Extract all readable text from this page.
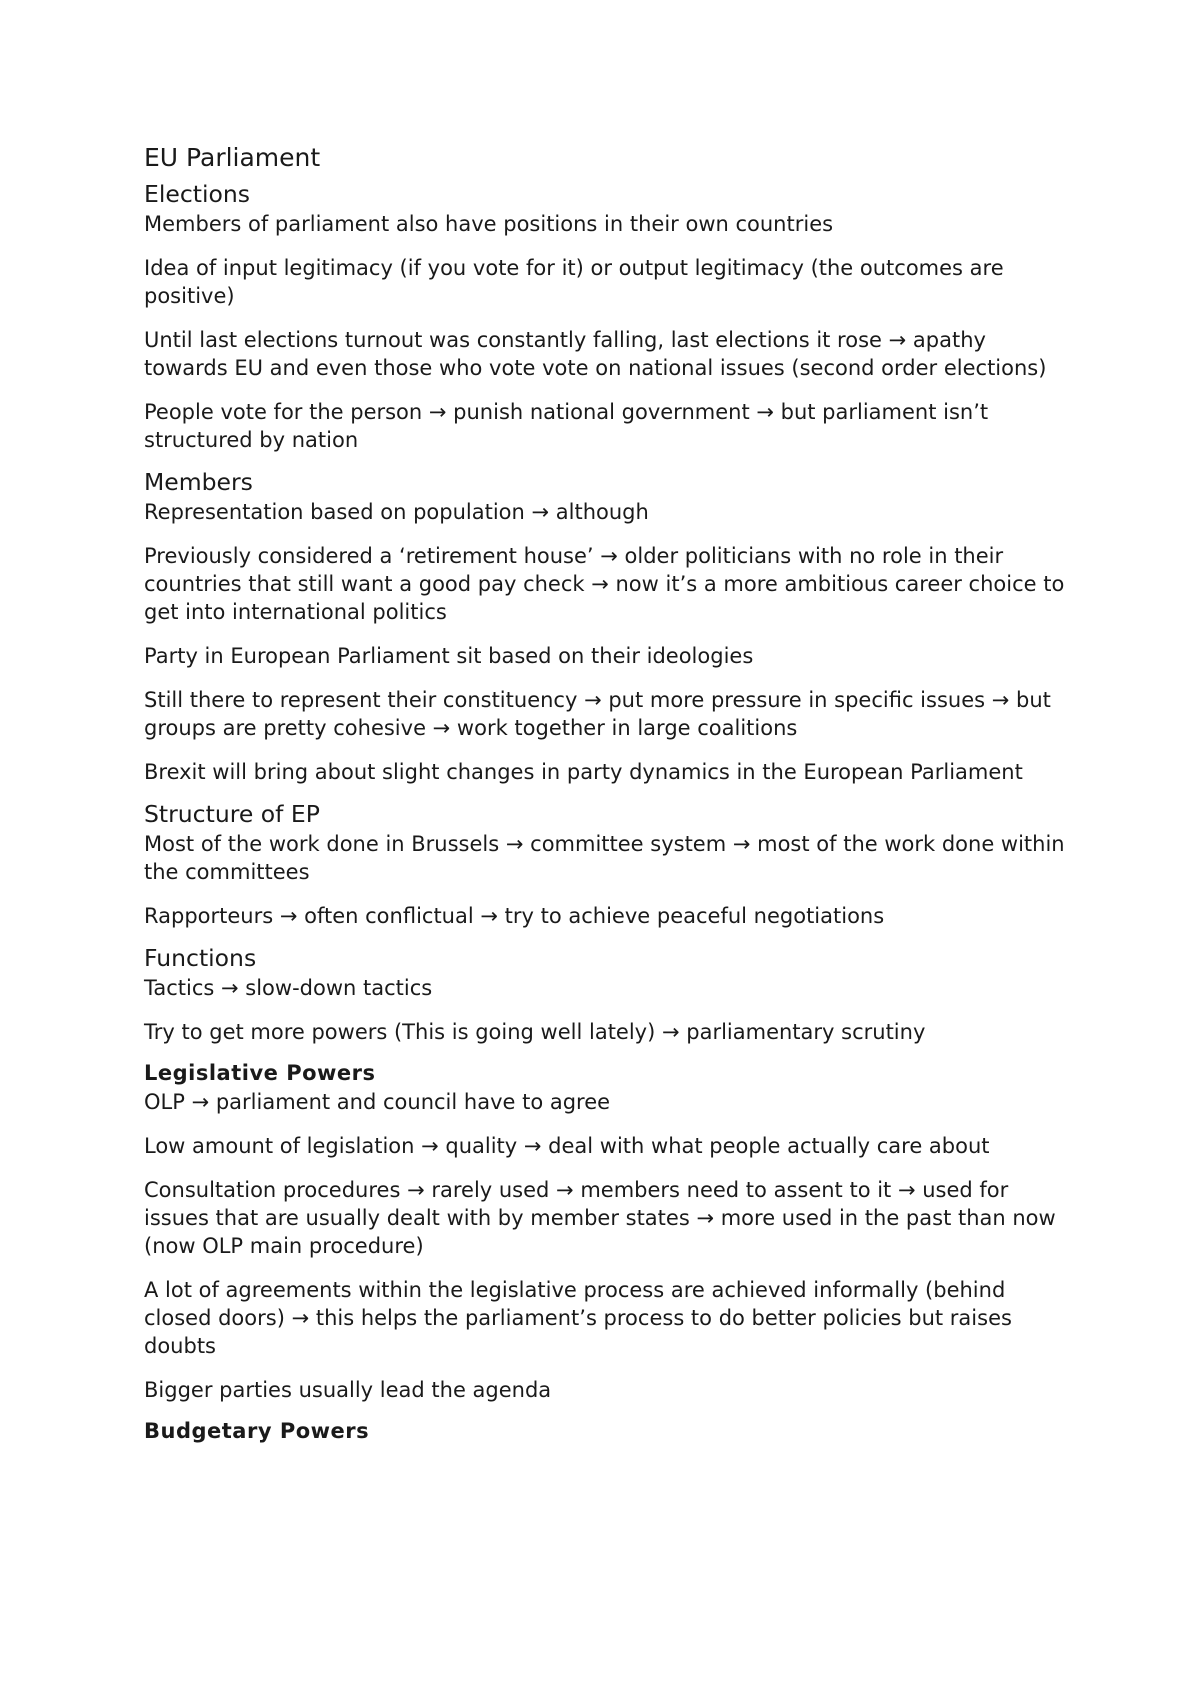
EU Parliament
Elections

Members of parliament also have positions in their own countries

Idea of input legitimacy (if you vote for it) or output legitimacy (the outcomes are positive)

Until last elections turnout was constantly falling, last elections it rose → apathy towards EU and even those who vote vote on national issues (second order elections)

People vote for the person → punish national government → but parliament isn’t structured by nation

Members

Representation based on population → although

Previously considered a ‘retirement house’ → older politicians with no role in their countries that still want a good pay check → now it’s a more ambitious career choice to get into international politics

Party in European Parliament sit based on their ideologies

Still there to represent their constituency → put more pressure in specific issues → but groups are pretty cohesive → work together in large coalitions

Brexit will bring about slight changes in party dynamics in the European Parliament

Structure of EP

Most of the work done in Brussels → committee system → most of the work done within the committees

Rapporteurs → often conflictual → try to achieve peaceful negotiations

Functions

Tactics → slow-down tactics

Try to get more powers (This is going well lately) → parliamentary scrutiny

Legislative Powers

OLP → parliament and council have to agree

Low amount of legislation → quality → deal with what people actually care about

Consultation procedures → rarely used → members need to assent to it → used for issues that are usually dealt with by member states → more used in the past than now (now OLP main procedure)

A lot of agreements within the legislative process are achieved informally (behind closed doors) → this helps the parliament’s process to do better policies but raises doubts

Bigger parties usually lead the agenda

Budgetary Powers
